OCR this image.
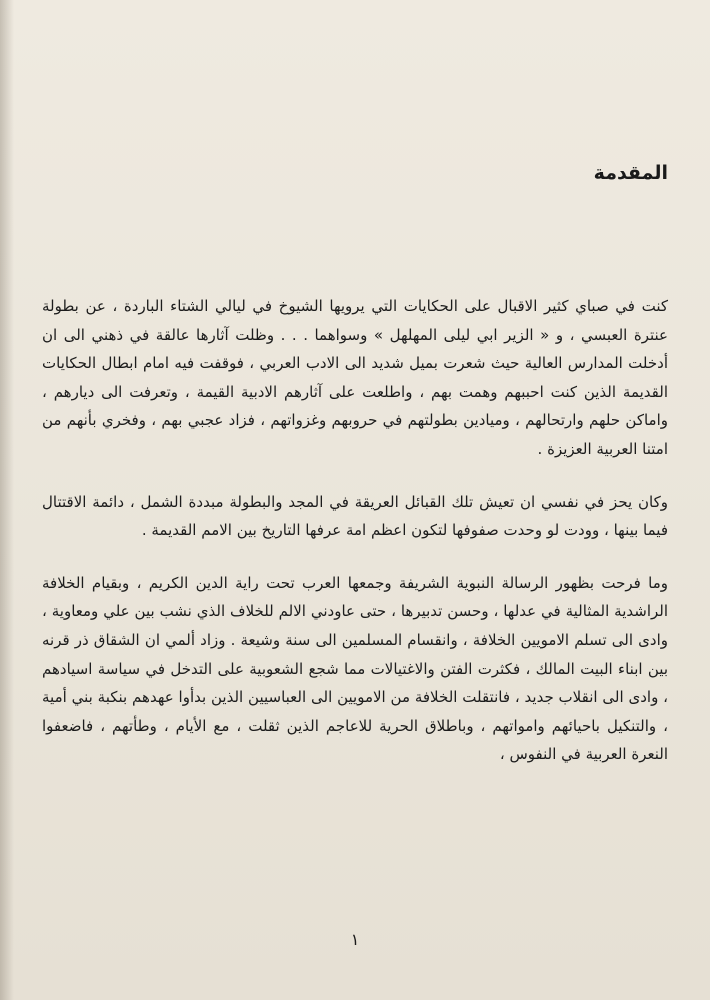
المقدمة

كنت في صباي كثير الاقبال على الحكايات التي يرويها الشيوخ في ليالي الشتاء الباردة ، عن بطولة عنترة العبسي ، و « الزير ابي ليلى المهلهل » وسواهما . . . وظلت آثارها عالقة في ذهني الى ان أدخلت المدارس العالية حيث شعرت بميل شديد الى الادب العربي ، فوقفت فيه امام ابطال الحكايات القديمة الذين كنت احببهم وهمت بهم ، واطلعت على آثارهم الادبية القيمة ، وتعرفت الى ديارهم ، واماكن حلهم وارتحالهم ، وميادين بطولتهم في حروبهم وغزواتهم ، فزاد عجبي بهم ، وفخري بأنهم من امتنا العربية العزيزة .

وكان يحز في نفسي ان تعيش تلك القبائل العريقة في المجد والبطولة مبددة الشمل ، دائمة الاقتتال فيما بينها ، وودت لو وحدت صفوفها لتكون اعظم امة عرفها التاريخ بين الامم القديمة .

وما فرحت بظهور الرسالة النبوية الشريفة وجمعها العرب تحت راية الدين الكريم ، وبقيام الخلافة الراشدية المثالية في عدلها ، وحسن تدبيرها ، حتى عاودني الالم للخلاف الذي نشب بين علي ومعاوية ، وادى الى تسلم الامويين الخلافة ، وانقسام المسلمين الى سنة وشيعة . وزاد ألمي ان الشقاق ذر قرنه بين ابناء البيت المالك ، فكثرت الفتن والاغتيالات مما شجع الشعوبية على التدخل في سياسة اسيادهم ، وادى الى انقلاب جديد ، فانتقلت الخلافة من الامويين الى العباسيين الذين بدأوا عهدهم بنكبة بني أمية ، والتنكيل باحيائهم وامواتهم ، وباطلاق الحرية للاعاجم الذين ثقلت ، مع الأيام ، وطأتهم ، فاضعفوا النعرة العربية في النفوس ،

١
